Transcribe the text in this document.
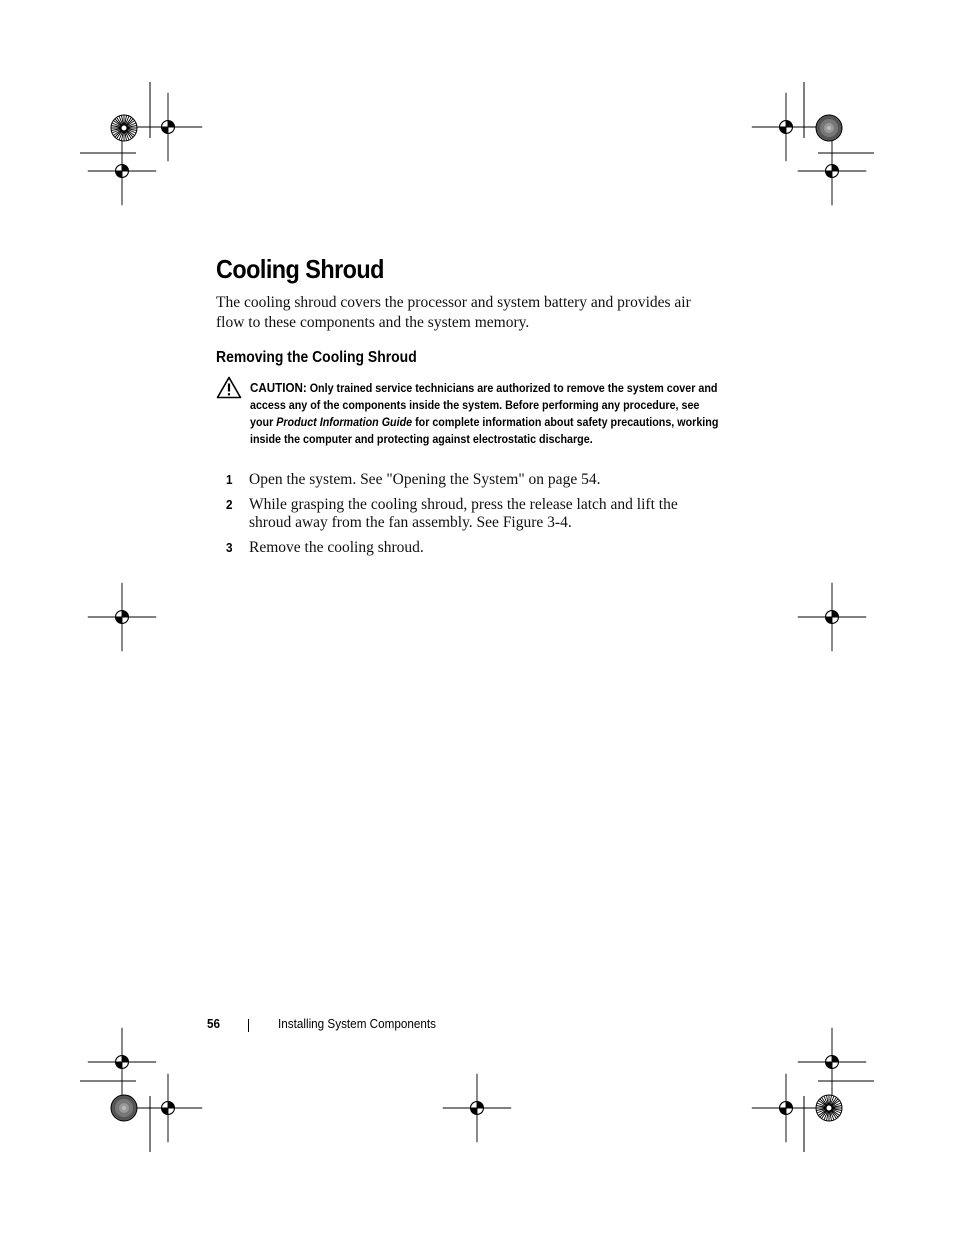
Cooling Shroud

The cooling shroud covers the processor and system battery and provides air flow to these components and the system memory.

Removing the Cooling Shroud

CAUTION: Only trained service technicians are authorized to remove the system cover and access any of the components inside the system. Before performing any procedure, see your Product Information Guide for complete information about safety precautions, working inside the computer and protecting against electrostatic discharge.

1 Open the system. See "Opening the System" on page 54.
2 While grasping the cooling shroud, press the release latch and lift the shroud away from the fan assembly. See Figure 3-4.
3 Remove the cooling shroud.
56	Installing System Components
